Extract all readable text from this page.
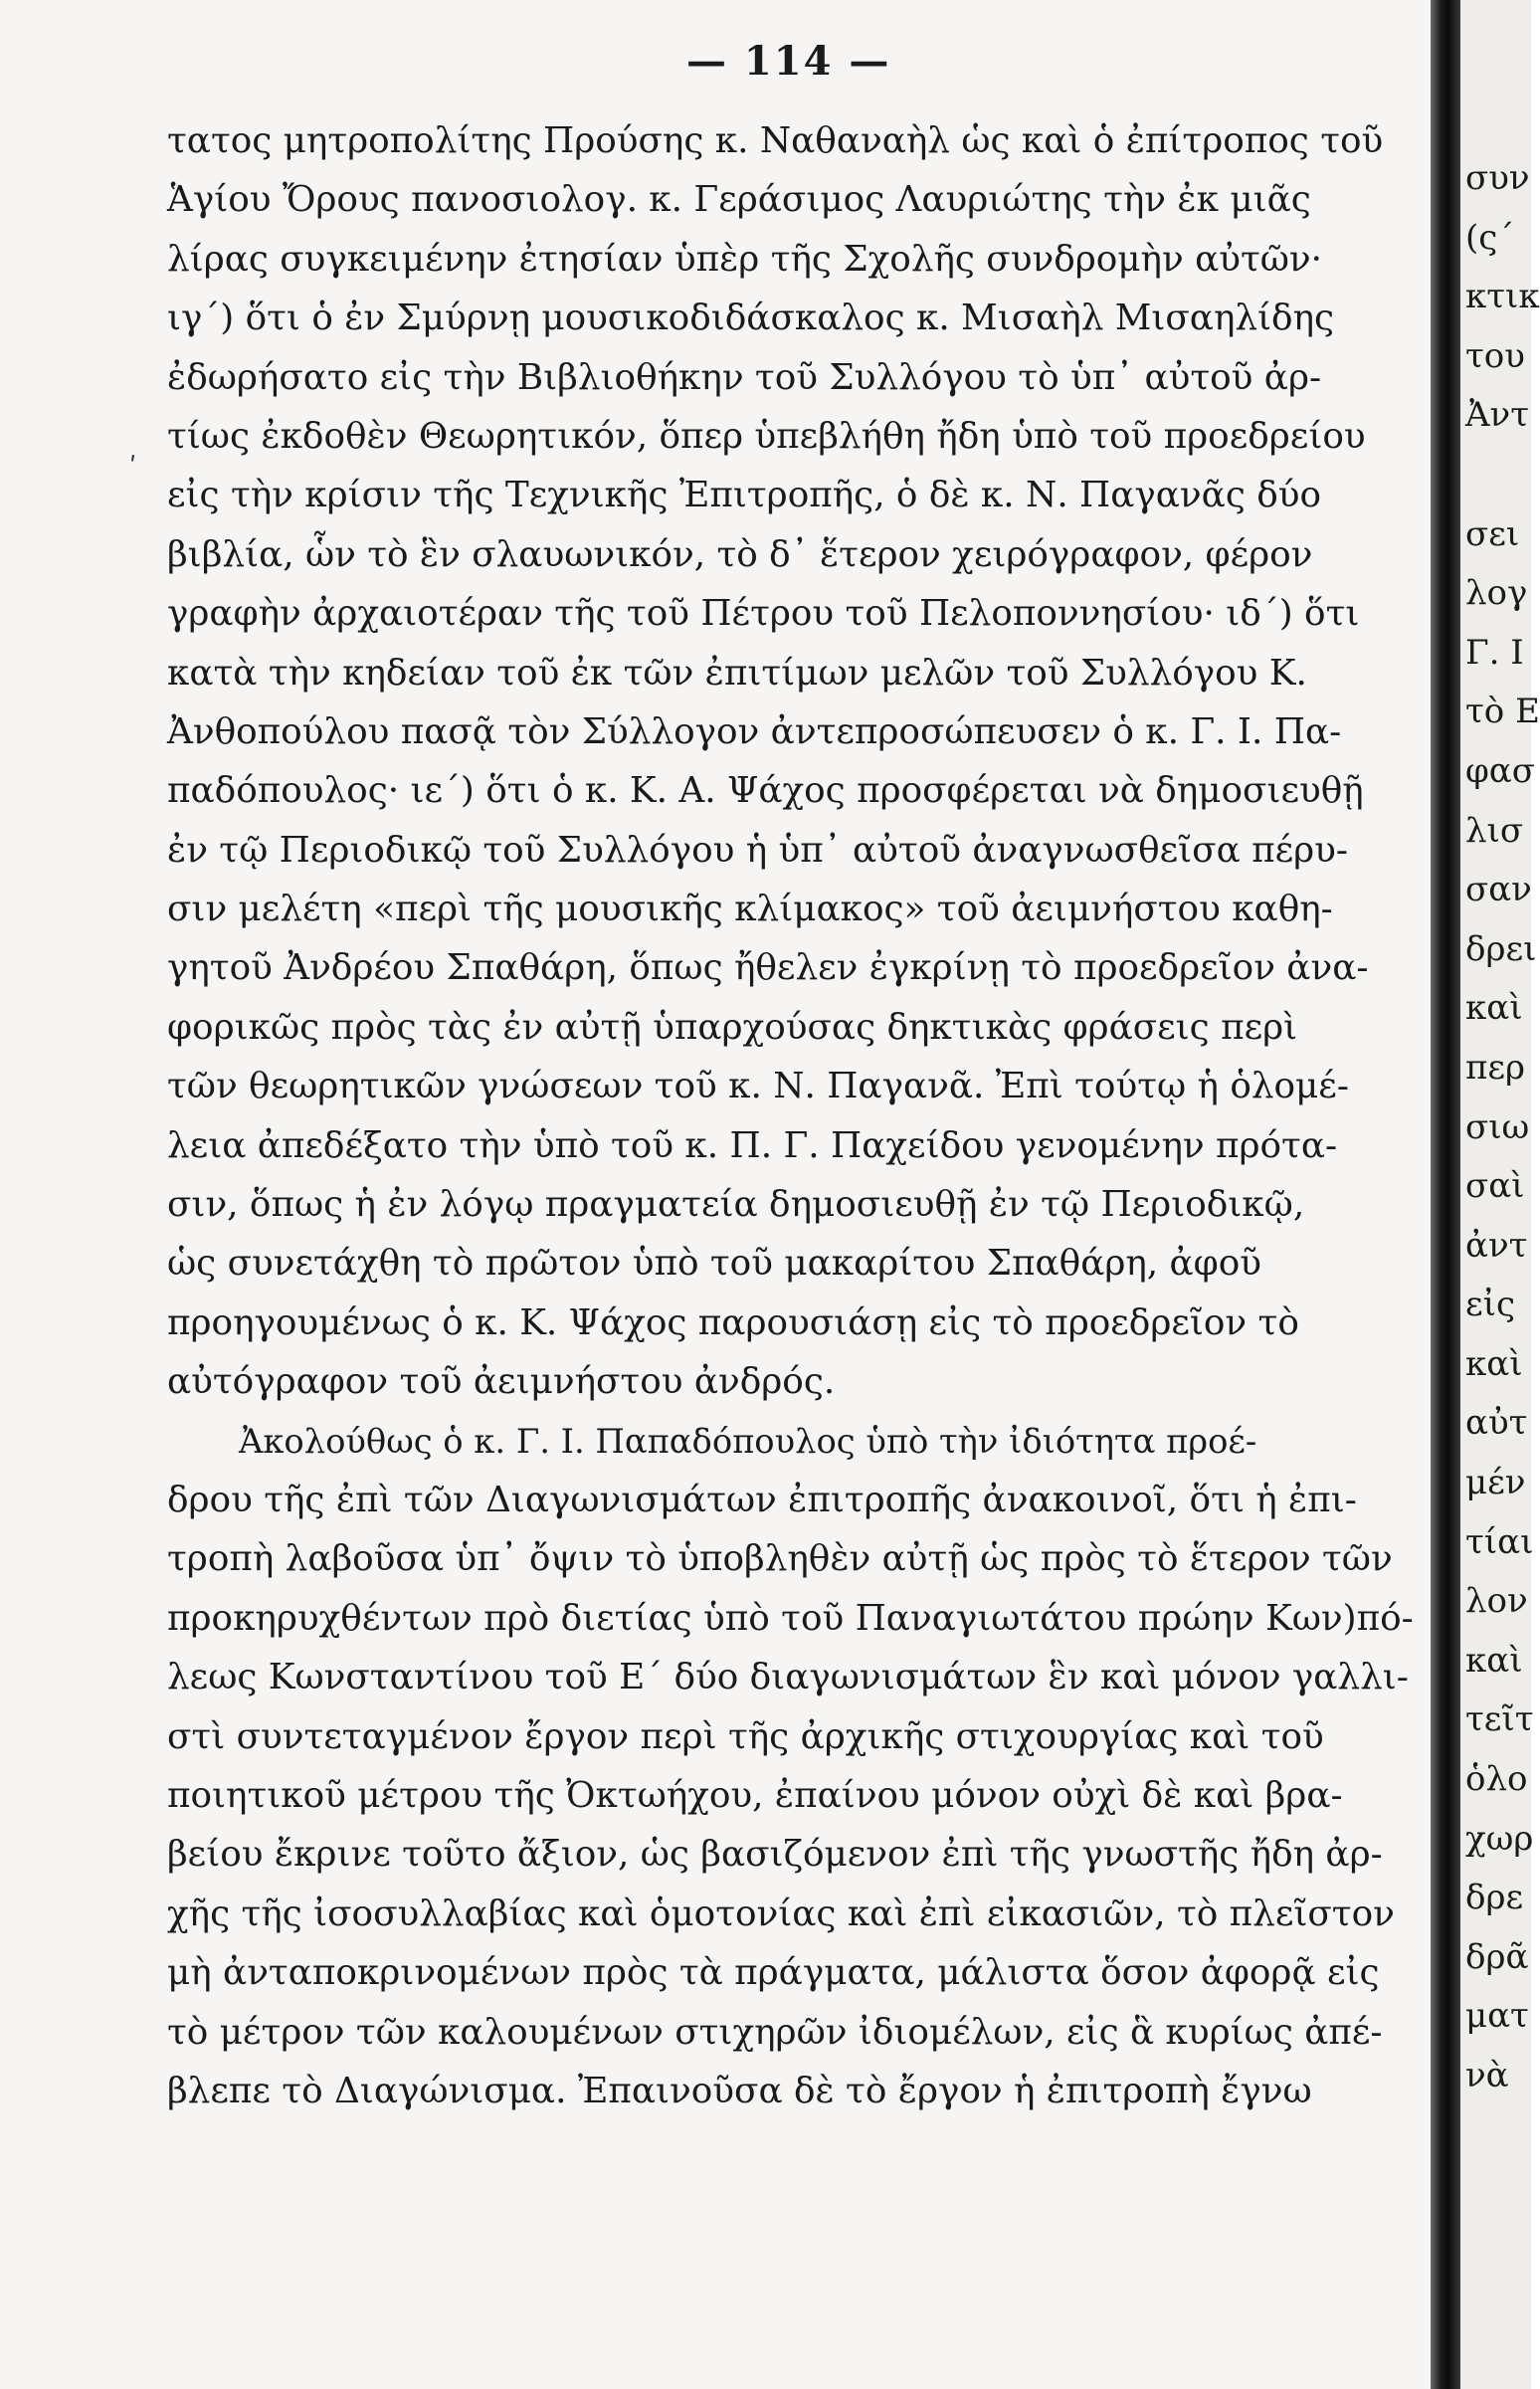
— 114 —
ʹ
τατος μητροπολίτης Προύσης κ. Ναθαναὴλ ὡς καὶ ὁ ἐπίτροπος τοῦ
Ἁγίου Ὄρους πανοσιολογ. κ. Γεράσιμος Λαυριώτης τὴν ἐκ μιᾶς
λίρας συγκειμένην ἐτησίαν ὑπὲρ τῆς Σχολῆς συνδρομὴν αὐτῶν·
ιγ΄) ὅτι ὁ ἐν Σμύρνῃ μουσικοδιδάσκαλος κ. Μισαὴλ Μισαηλίδης
ἐδωρήσατο εἰς τὴν Βιβλιοθήκην τοῦ Συλλόγου τὸ ὑπ᾿ αὐτοῦ ἀρ-
τίως ἐκδοθὲν Θεωρητικόν, ὅπερ ὑπεβλήθη ἤδη ὑπὸ τοῦ προεδρείου
εἰς τὴν κρίσιν τῆς Τεχνικῆς Ἐπιτροπῆς, ὁ δὲ κ. Ν. Παγανᾶς δύο
βιβλία, ὧν τὸ ἓν σλαυωνικόν, τὸ δ᾿ ἕτερον χειρόγραφον, φέρον
γραφὴν ἀρχαιοτέραν τῆς τοῦ Πέτρου τοῦ Πελοποννησίου· ιδ΄) ὅτι
κατὰ τὴν κηδείαν τοῦ ἐκ τῶν ἐπιτίμων μελῶν τοῦ Συλλόγου Κ.
Ἀνθοπούλου πασᾷ τὸν Σύλλογον ἀντεπροσώπευσεν ὁ κ. Γ. Ι. Πα-
παδόπουλος· ιε΄) ὅτι ὁ κ. Κ. Α. Ψάχος προσφέρεται νὰ δημοσιευθῇ
ἐν τῷ Περιοδικῷ τοῦ Συλλόγου ἡ ὑπ᾿ αὐτοῦ ἀναγνωσθεῖσα πέρυ-
σιν μελέτη «περὶ τῆς μουσικῆς κλίμακος» τοῦ ἀειμνήστου καθη-
γητοῦ Ἀνδρέου Σπαθάρη, ὅπως ἤθελεν ἐγκρίνῃ τὸ προεδρεῖον ἀνα-
φορικῶς πρὸς τὰς ἐν αὐτῇ ὑπαρχούσας δηκτικὰς φράσεις περὶ
τῶν θεωρητικῶν γνώσεων τοῦ κ. Ν. Παγανᾶ. Ἐπὶ τούτῳ ἡ ὁλομέ-
λεια ἀπεδέξατο τὴν ὑπὸ τοῦ κ. Π. Γ. Παχείδου γενομένην πρότα-
σιν, ὅπως ἡ ἐν λόγῳ πραγματεία δημοσιευθῇ ἐν τῷ Περιοδικῷ,
ὡς συνετάχθη τὸ πρῶτον ὑπὸ τοῦ μακαρίτου Σπαθάρη, ἀφοῦ
προηγουμένως ὁ κ. Κ. Ψάχος παρουσιάσῃ εἰς τὸ προεδρεῖον τὸ
αὐτόγραφον τοῦ ἀειμνήστου ἀνδρός.
Ἀκολούθως ὁ κ. Γ. Ι. Παπαδόπουλος ὑπὸ τὴν ἰδιότητα προέ-
δρου τῆς ἐπὶ τῶν Διαγωνισμάτων ἐπιτροπῆς ἀνακοινοῖ, ὅτι ἡ ἐπι-
τροπὴ λαβοῦσα ὑπ᾿ ὄψιν τὸ ὑποβληθὲν αὐτῇ ὡς πρὸς τὸ ἕτερον τῶν
προκηρυχθέντων πρὸ διετίας ὑπὸ τοῦ Παναγιωτάτου πρώην Κων)πό-
λεως Κωνσταντίνου τοῦ Ε΄ δύο διαγωνισμάτων ἓν καὶ μόνον γαλλι-
στὶ συντεταγμένον ἔργον περὶ τῆς ἀρχικῆς στιχουργίας καὶ τοῦ
ποιητικοῦ μέτρου τῆς Ὀκτωήχου, ἐπαίνου μόνον οὐχὶ δὲ καὶ βρα-
βείου ἔκρινε τοῦτο ἄξιον, ὡς βασιζόμενον ἐπὶ τῆς γνωστῆς ἤδη ἀρ-
χῆς τῆς ἰσοσυλλαβίας καὶ ὁμοτονίας καὶ ἐπὶ εἰκασιῶν, τὸ πλεῖστον
μὴ ἀνταποκρινομένων πρὸς τὰ πράγματα, μάλιστα ὅσον ἀφορᾷ εἰς
τὸ μέτρον τῶν καλουμένων στιχηρῶν ἰδιομέλων, εἰς ἃ κυρίως ἀπέ-
βλεπε τὸ Διαγώνισμα. Ἐπαινοῦσα δὲ τὸ ἔργον ἡ ἐπιτροπὴ ἔγνω
συν
(ς΄
κτικ
του
Ἀντ
σει
λογ
Γ. Ι
τὸ Ε
φασ
λισ
σαν
δρει
καὶ
περ
σιω
σαὶ
ἀντ
εἰς
καὶ
αὐτ
μέν
τίαι
λον
καὶ
τεῖτ
ὁλο
χωρ
δρε
δρᾶ
ματ
νὰ
